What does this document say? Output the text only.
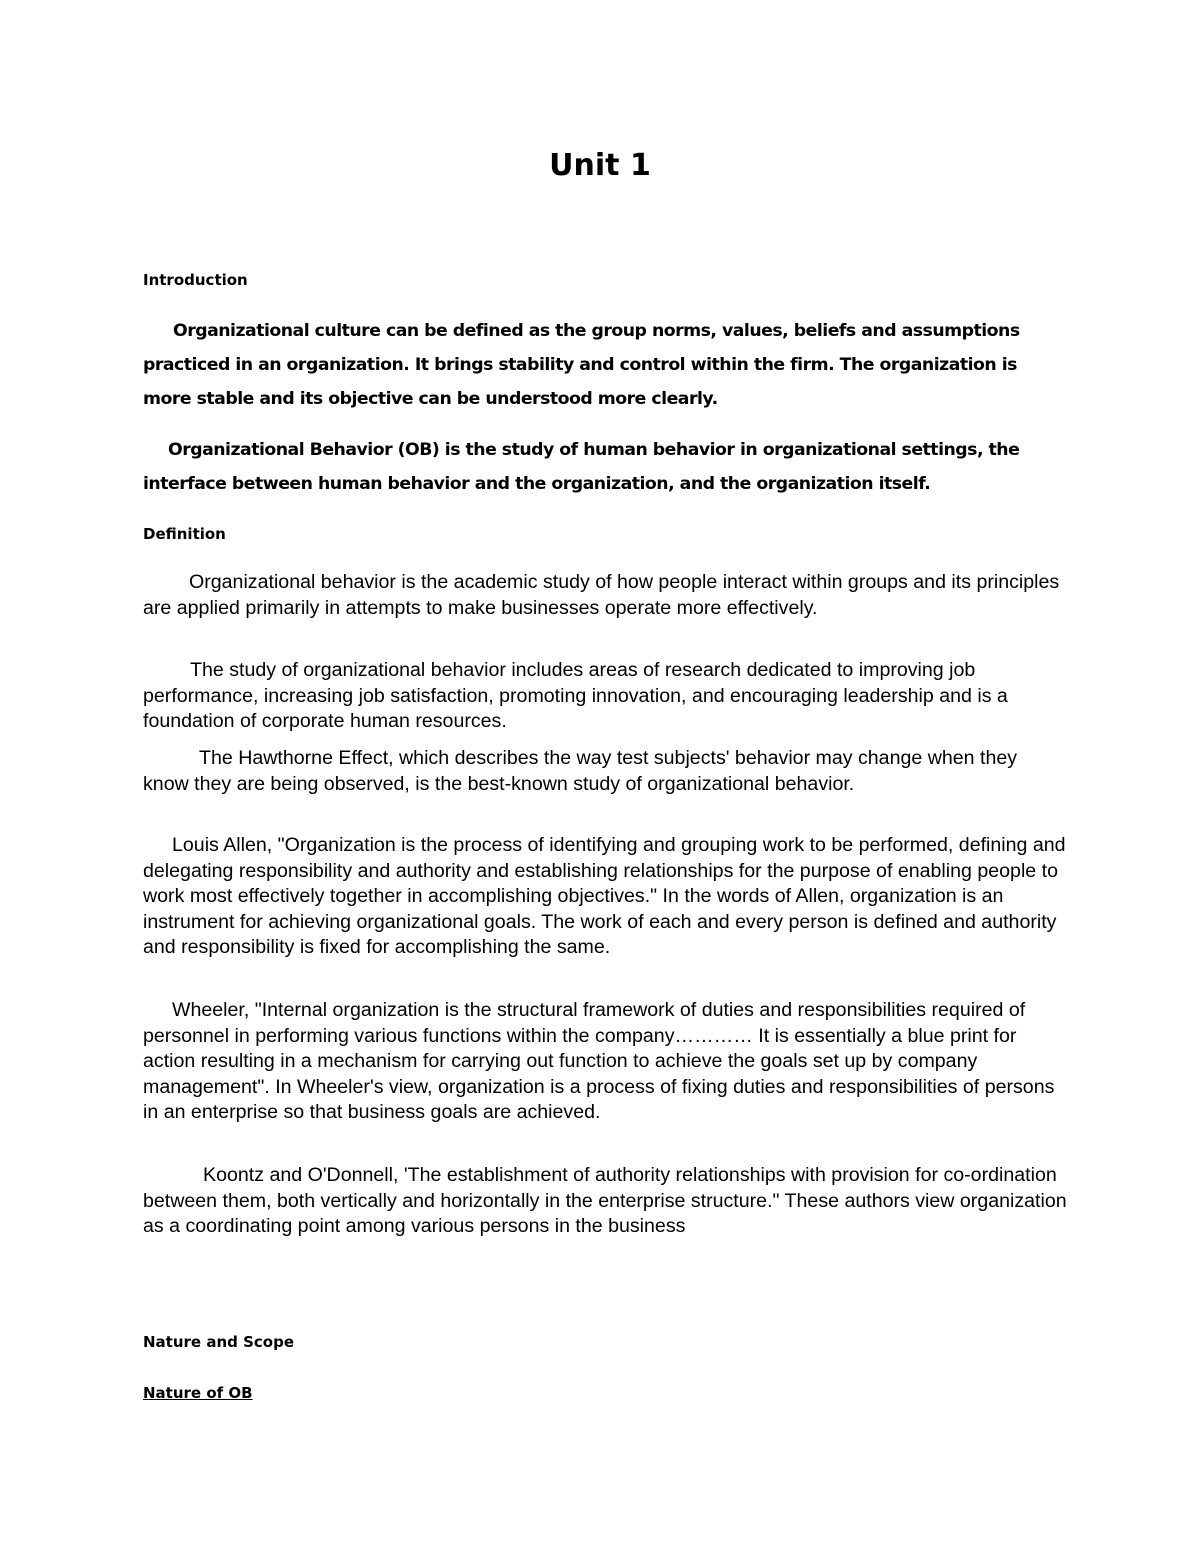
Unit 1
Introduction

Organizational culture can be defined as the group norms, values, beliefs and assumptions practiced in an organization. It brings stability and control within the firm. The organization is more stable and its objective can be understood more clearly.

Organizational Behavior (OB) is the study of human behavior in organizational settings, the interface between human behavior and the organization, and the organization itself.

Definition

Organizational behavior is the academic study of how people interact within groups and its principles are applied primarily in attempts to make businesses operate more effectively.

The study of organizational behavior includes areas of research dedicated to improving job performance, increasing job satisfaction, promoting innovation, and encouraging leadership and is a foundation of corporate human resources.

The Hawthorne Effect, which describes the way test subjects' behavior may change when they know they are being observed, is the best-known study of organizational behavior.

Louis Allen, "Organization is the process of identifying and grouping work to be performed, defining and delegating responsibility and authority and establishing relationships for the purpose of enabling people to work most effectively together in accomplishing objectives." In the words of Allen, organization is an instrument for achieving organizational goals. The work of each and every person is defined and authority and responsibility is fixed for accomplishing the same.

Wheeler, "Internal organization is the structural framework of duties and responsibilities required of personnel in performing various functions within the company………… It is essentially a blue print for action resulting in a mechanism for carrying out function to achieve the goals set up by company management". In Wheeler's view, organization is a process of fixing duties and responsibilities of persons in an enterprise so that business goals are achieved.

Koontz and O'Donnell, 'The establishment of authority relationships with provision for co-ordination between them, both vertically and horizontally in the enterprise structure." These authors view organization as a coordinating point among various persons in the business

Nature and Scope
Nature of OB
